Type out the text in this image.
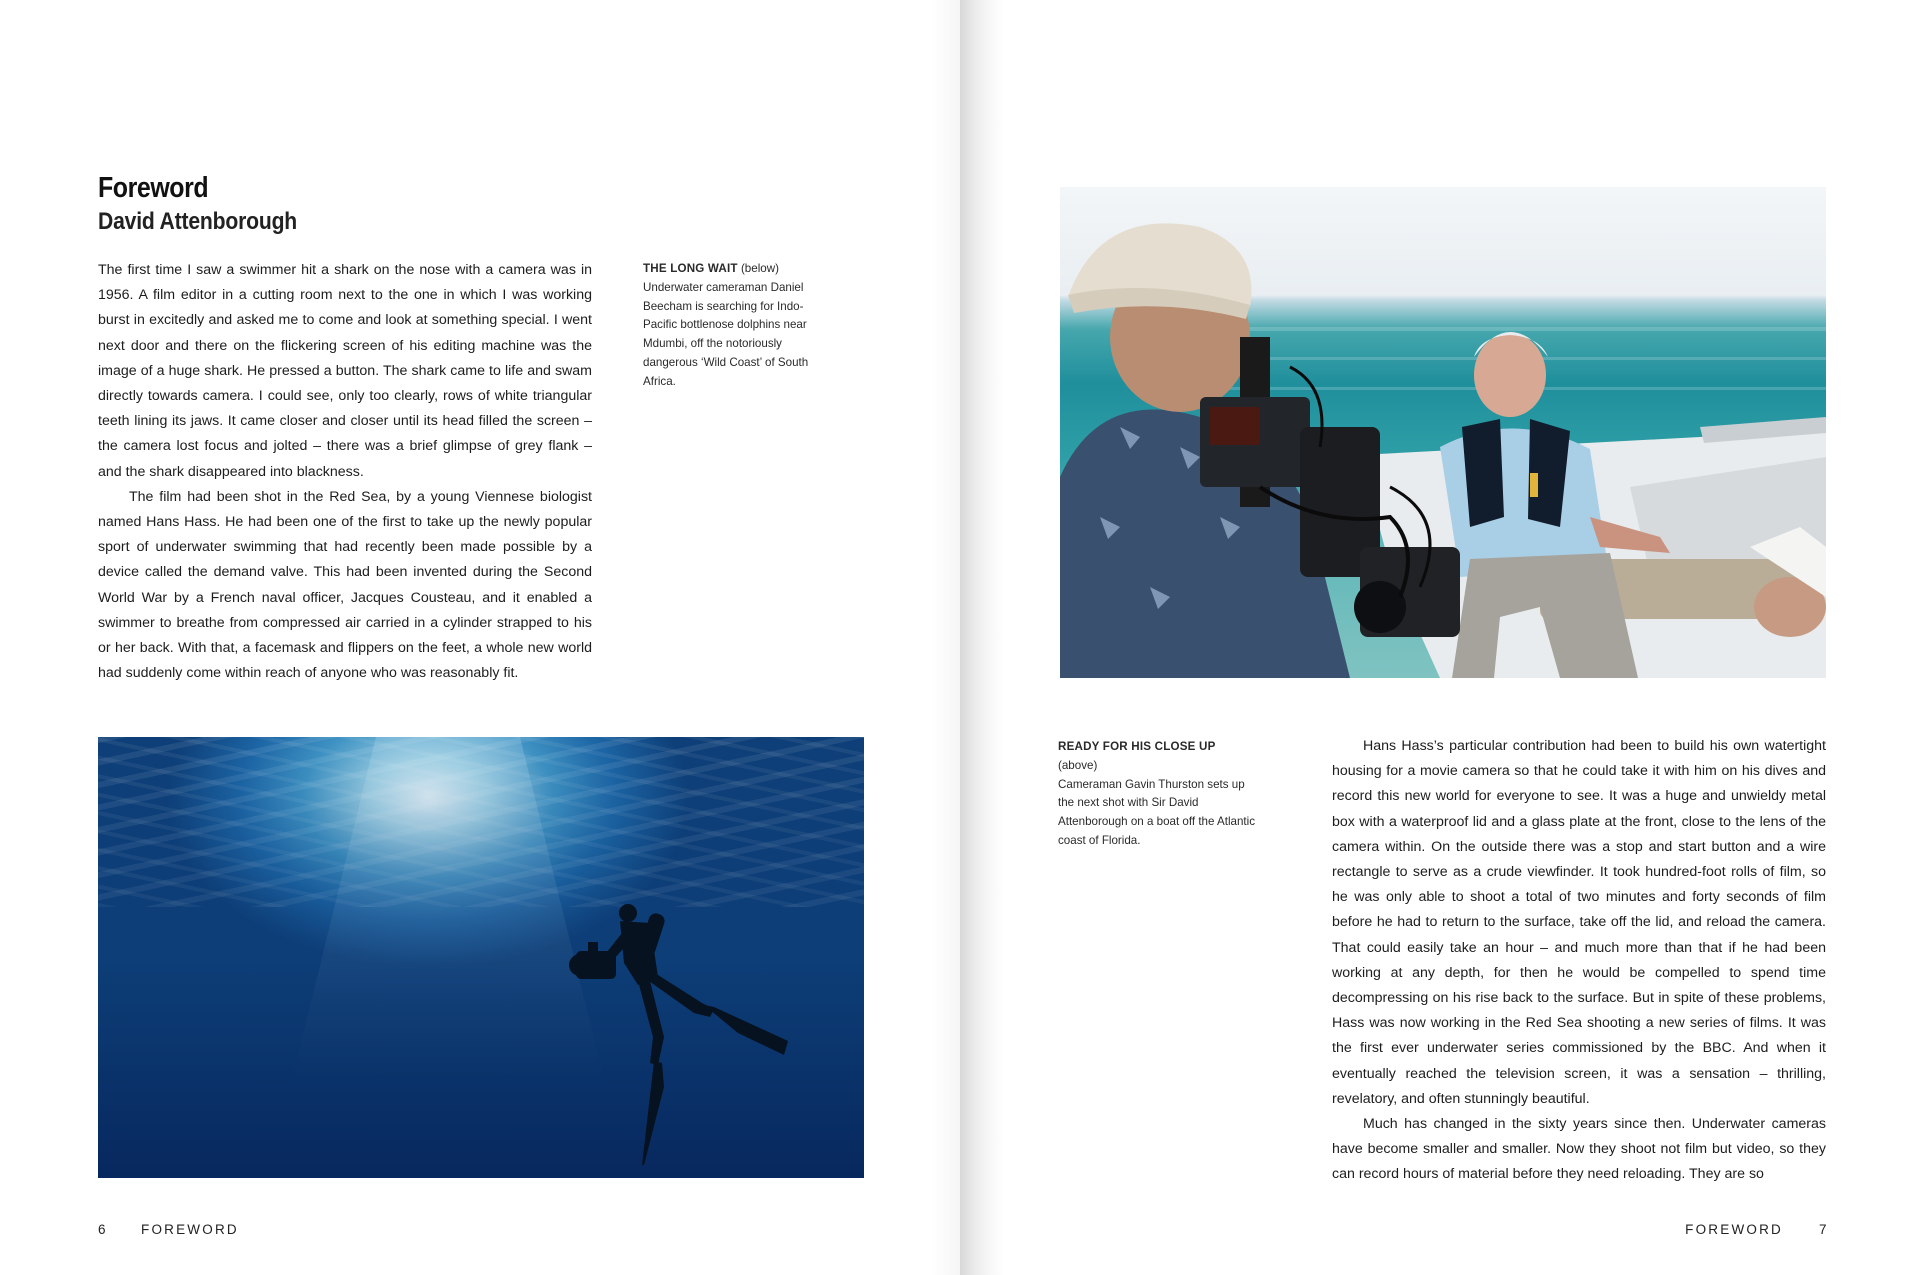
Foreword
David Attenborough

The first time I saw a swimmer hit a shark on the nose with a camera was in 1956. A film editor in a cutting room next to the one in which I was working burst in excitedly and asked me to come and look at something special. I went next door and there on the flickering screen of his editing machine was the image of a huge shark. He pressed a button. The shark came to life and swam directly towards camera. I could see, only too clearly, rows of white triangular teeth lining its jaws. It came closer and closer until its head filled the screen – the camera lost focus and jolted – there was a brief glimpse of grey flank – and the shark disappeared into blackness.

The film had been shot in the Red Sea, by a young Viennese biologist named Hans Hass. He had been one of the first to take up the newly popular sport of underwater swimming that had recently been made possible by a device called the demand valve. This had been invented during the Second World War by a French naval officer, Jacques Cousteau, and it enabled a swimmer to breathe from compressed air carried in a cylinder strapped to his or her back. With that, a facemask and flippers on the feet, a whole new world had suddenly come within reach of anyone who was reasonably fit.

THE LONG WAIT (below)
Underwater cameraman Daniel Beecham is searching for Indo-Pacific bottlenose dolphins near Mdumbi, off the notoriously dangerous ‘Wild Coast’ of South Africa.
6	FOREWORD
READY FOR HIS CLOSE UP (above)
Cameraman Gavin Thurston sets up the next shot with Sir David Attenborough on a boat off the Atlantic coast of Florida.

Hans Hass’s particular contribution had been to build his own watertight housing for a movie camera so that he could take it with him on his dives and record this new world for everyone to see. It was a huge and unwieldy metal box with a waterproof lid and a glass plate at the front, close to the lens of the camera within. On the outside there was a stop and start button and a wire rectangle to serve as a crude viewfinder. It took hundred-foot rolls of film, so he was only able to shoot a total of two minutes and forty seconds of film before he had to return to the surface, take off the lid, and reload the camera. That could easily take an hour – and much more than that if he had been working at any depth, for then he would be compelled to spend time decompressing on his rise back to the surface. But in spite of these problems, Hass was now working in the Red Sea shooting a new series of films. It was the first ever underwater series commissioned by the BBC. And when it eventually reached the television screen, it was a sensation – thrilling, revelatory, and often stunningly beautiful.

Much has changed in the sixty years since then. Underwater cameras have become smaller and smaller. Now they shoot not film but video, so they can record hours of material before they need reloading. They are so

FOREWORD	7
